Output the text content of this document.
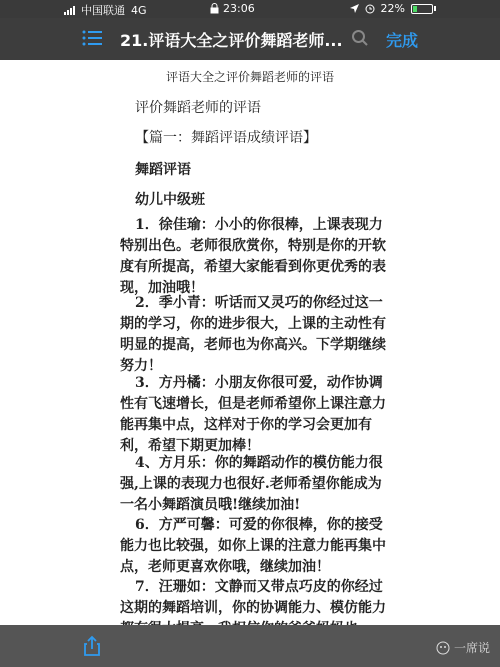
中国联通 4G	23:06	22%
21.评语大全之评价舞蹈老师...	完成
评语大全之评价舞蹈老师的评语
评价舞蹈老师的评语
【篇一：舞蹈评语成绩评语】
舞蹈评语
幼儿中级班
1．徐佳瑜：小小的你很棒，上课表现力特别出色。老师很欣赏你，特别是你的开软度有所提高，希望大家能看到你更优秀的表现，加油哦！
2．季小青：听话而又灵巧的你经过这一期的学习，你的进步很大，上课的主动性有明显的提高，老师也为你高兴。下学期继续努力！
3．方丹橘：小朋友你很可爱，动作协调性有飞速增长，但是老师希望你上课注意力能再集中点，这样对于你的学习会更加有利，希望下期更加棒！
4、方月乐：你的舞蹈动作的模仿能力很强,上课的表现力也很好.老师希望你能成为一名小舞蹈演员哦!继续加油!
6．方严可馨：可爱的你很棒，你的接受能力也比较强，如你上课的注意力能再集中点，老师更喜欢你哦，继续加油！
7．汪珊如：文静而又带点巧皮的你经过这期的舞蹈培训，你的协调能力、模仿能力
一席说
